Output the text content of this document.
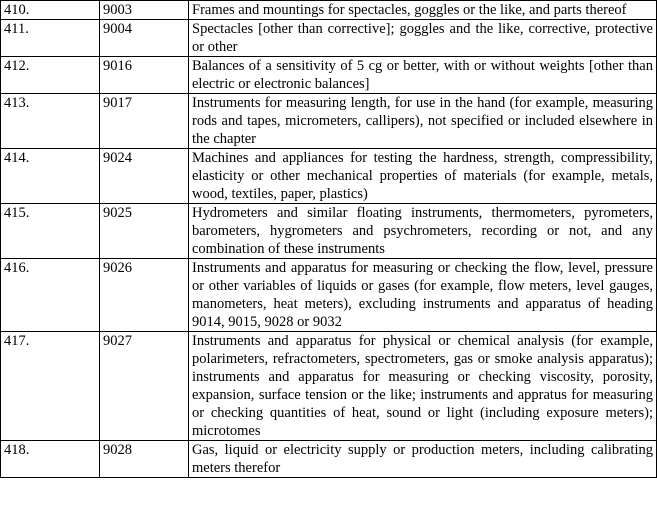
410.	9003	Frames and mountings for spectacles, goggles or the like, and parts thereof
411.	9004	Spectacles [other than corrective]; goggles and the like, corrective, protective or other
412.	9016	Balances of a sensitivity of 5 cg or better, with or without weights [other than electric or electronic balances]
413.	9017	Instruments for measuring length, for use in the hand (for example, measuring rods and tapes, micrometers, callipers), not specified or included elsewhere in the chapter
414.	9024	Machines and appliances for testing the hardness, strength, compressibility, elasticity or other mechanical properties of materials (for example, metals, wood, textiles, paper, plastics)
415.	9025	Hydrometers and similar floating instruments, thermometers, pyrometers, barometers, hygrometers and psychrometers, recording or not, and any combination of these instruments
416.	9026	Instruments and apparatus for measuring or checking the flow, level, pressure or other variables of liquids or gases (for example, flow meters, level gauges, manometers, heat meters), excluding instruments and apparatus of heading 9014, 9015, 9028 or 9032
417.	9027	Instruments and apparatus for physical or chemical analysis (for example, polarimeters, refractometers, spectrometers, gas or smoke analysis apparatus); instruments and apparatus for measuring or checking viscosity, porosity, expansion, surface tension or the like; instruments and appratus for measuring or checking quantities of heat, sound or light (including exposure meters); microtomes
418.	9028	Gas, liquid or electricity supply or production meters, including calibrating meters therefor
